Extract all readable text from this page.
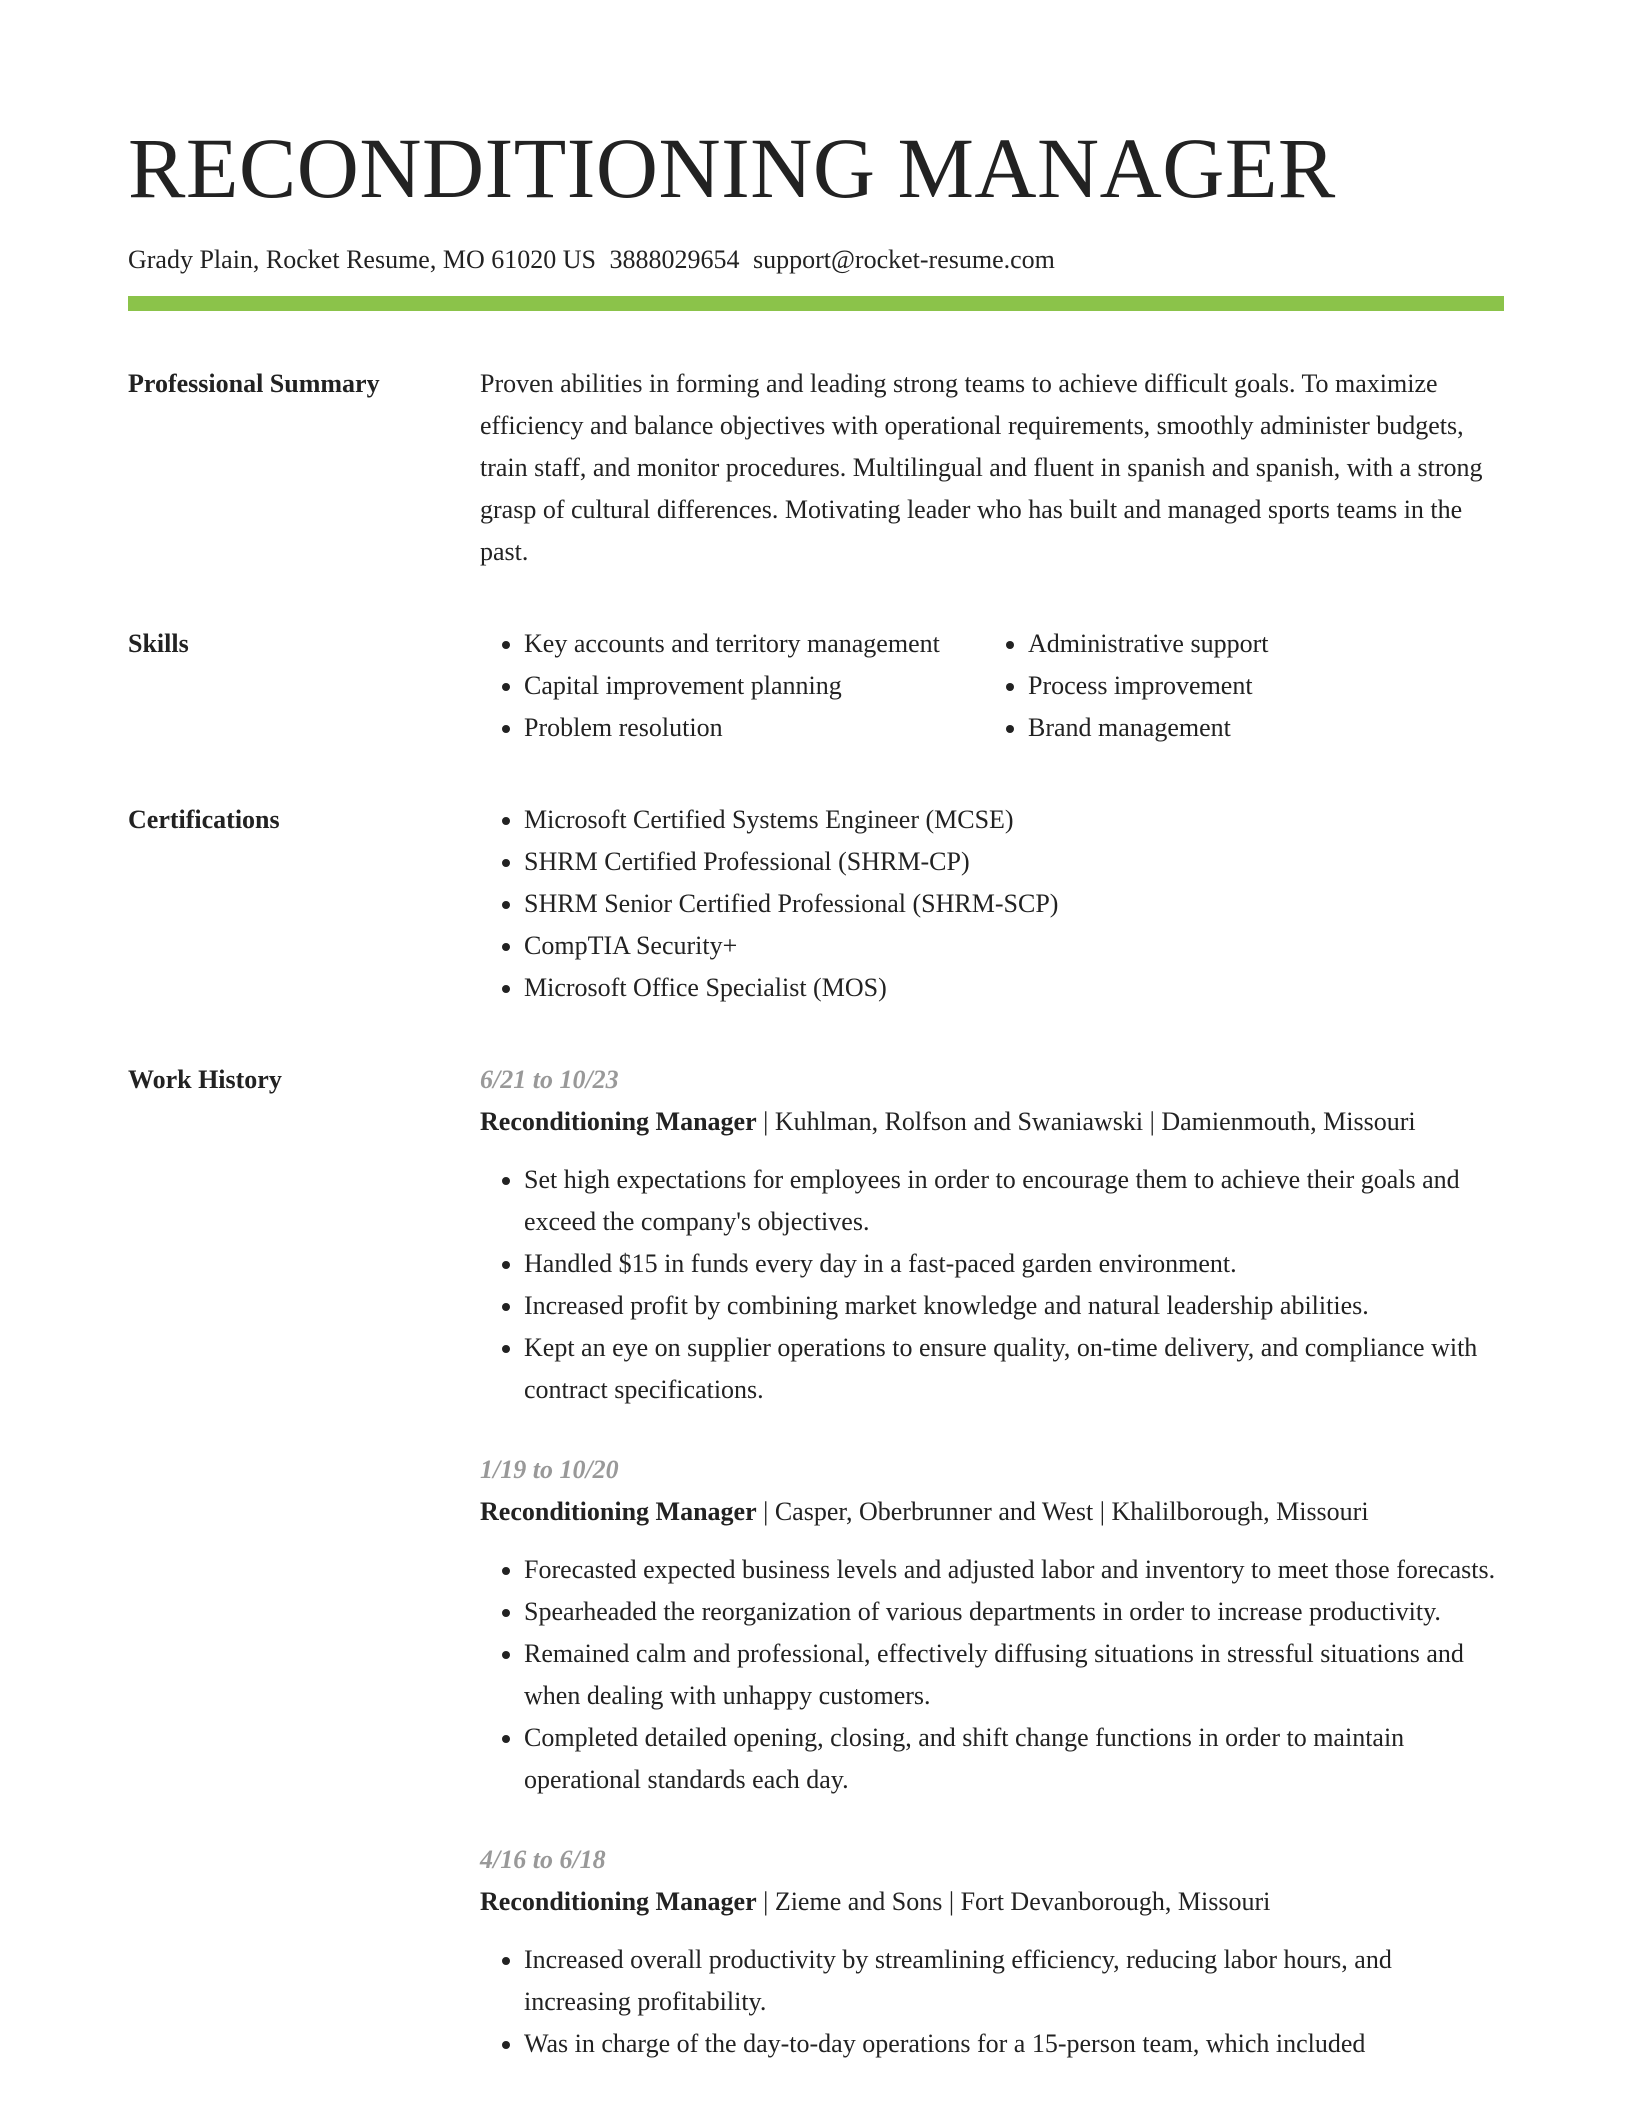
RECONDITIONING MANAGER
Grady Plain, Rocket Resume, MO 61020 US 3888029654 support@rocket-resume.com
Professional Summary	Proven abilities in forming and leading strong teams to achieve difficult goals. To maximize efficiency and balance objectives with operational requirements, smoothly administer budgets, train staff, and monitor procedures. Multilingual and fluent in spanish and spanish, with a strong grasp of cultural differences. Motivating leader who has built and managed sports teams in the past.

Skills	• Key accounts and territory management
• Capital improvement planning
• Problem resolution
• Administrative support
• Process improvement
• Brand management
Certifications	• Microsoft Certified Systems Engineer (MCSE)
• SHRM Certified Professional (SHRM-CP)
• SHRM Senior Certified Professional (SHRM-SCP)
• CompTIA Security+
• Microsoft Office Specialist (MOS)
Work History	6/21 to 10/23
Reconditioning Manager | Kuhlman, Rolfson and Swaniawski | Damienmouth, Missouri
• Set high expectations for employees in order to encourage them to achieve their goals and exceed the company's objectives.
• Handled $15 in funds every day in a fast-paced garden environment.
• Increased profit by combining market knowledge and natural leadership abilities.
• Kept an eye on supplier operations to ensure quality, on-time delivery, and compliance with contract specifications.
1/19 to 10/20
Reconditioning Manager | Casper, Oberbrunner and West | Khalilborough, Missouri
• Forecasted expected business levels and adjusted labor and inventory to meet those forecasts.
• Spearheaded the reorganization of various departments in order to increase productivity.
• Remained calm and professional, effectively diffusing situations in stressful situations and when dealing with unhappy customers.
• Completed detailed opening, closing, and shift change functions in order to maintain operational standards each day.
4/16 to 6/18
Reconditioning Manager | Zieme and Sons | Fort Devanborough, Missouri
• Increased overall productivity by streamlining efficiency, reducing labor hours, and increasing profitability.
• Was in charge of the day-to-day operations for a 15-person team, which included
